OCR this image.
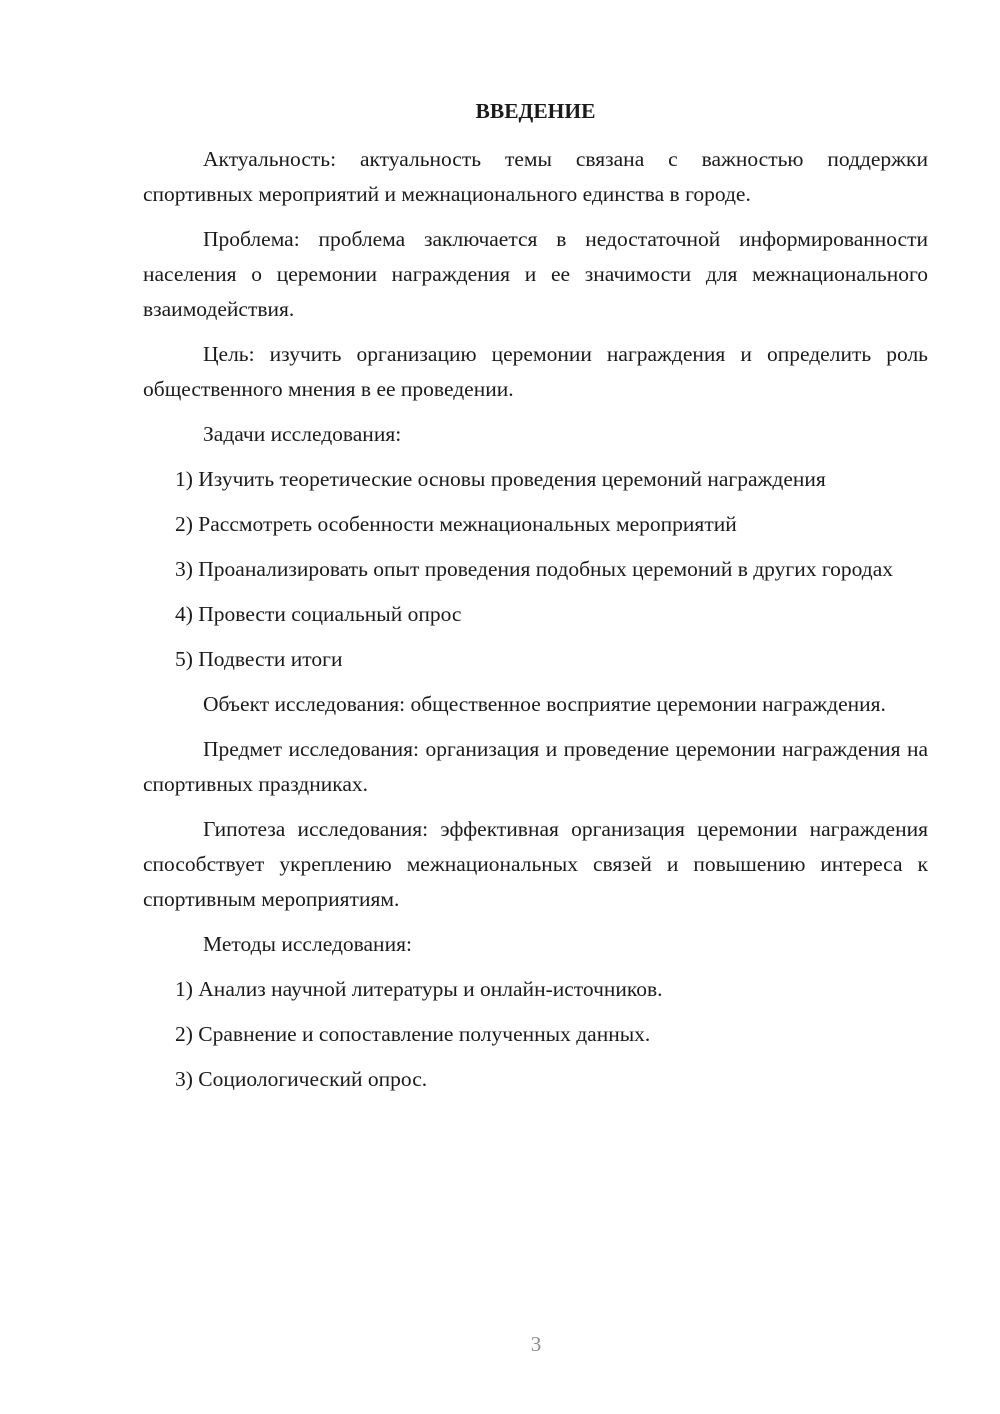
ВВЕДЕНИЕ

Актуальность: актуальность темы связана с важностью поддержки спортивных мероприятий и межнационального единства в городе.

Проблема: проблема заключается в недостаточной информированности населения о церемонии награждения и ее значимости для межнационального взаимодействия.

Цель: изучить организацию церемонии награждения и определить роль общественного мнения в ее проведении.

Задачи исследования:

1) Изучить теоретические основы проведения церемоний награждения

2) Рассмотреть особенности межнациональных мероприятий

3) Проанализировать опыт проведения подобных церемоний в других городах

4) Провести социальный опрос

5) Подвести итоги

Объект исследования: общественное восприятие церемонии награждения.

Предмет исследования: организация и проведение церемонии награждения на спортивных праздниках.

Гипотеза исследования: эффективная организация церемонии награждения способствует укреплению межнациональных связей и повышению интереса к спортивным мероприятиям.

Методы исследования:

1) Анализ научной литературы и онлайн-источников.

2) Сравнение и сопоставление полученных данных.

3) Социологический опрос.

3
